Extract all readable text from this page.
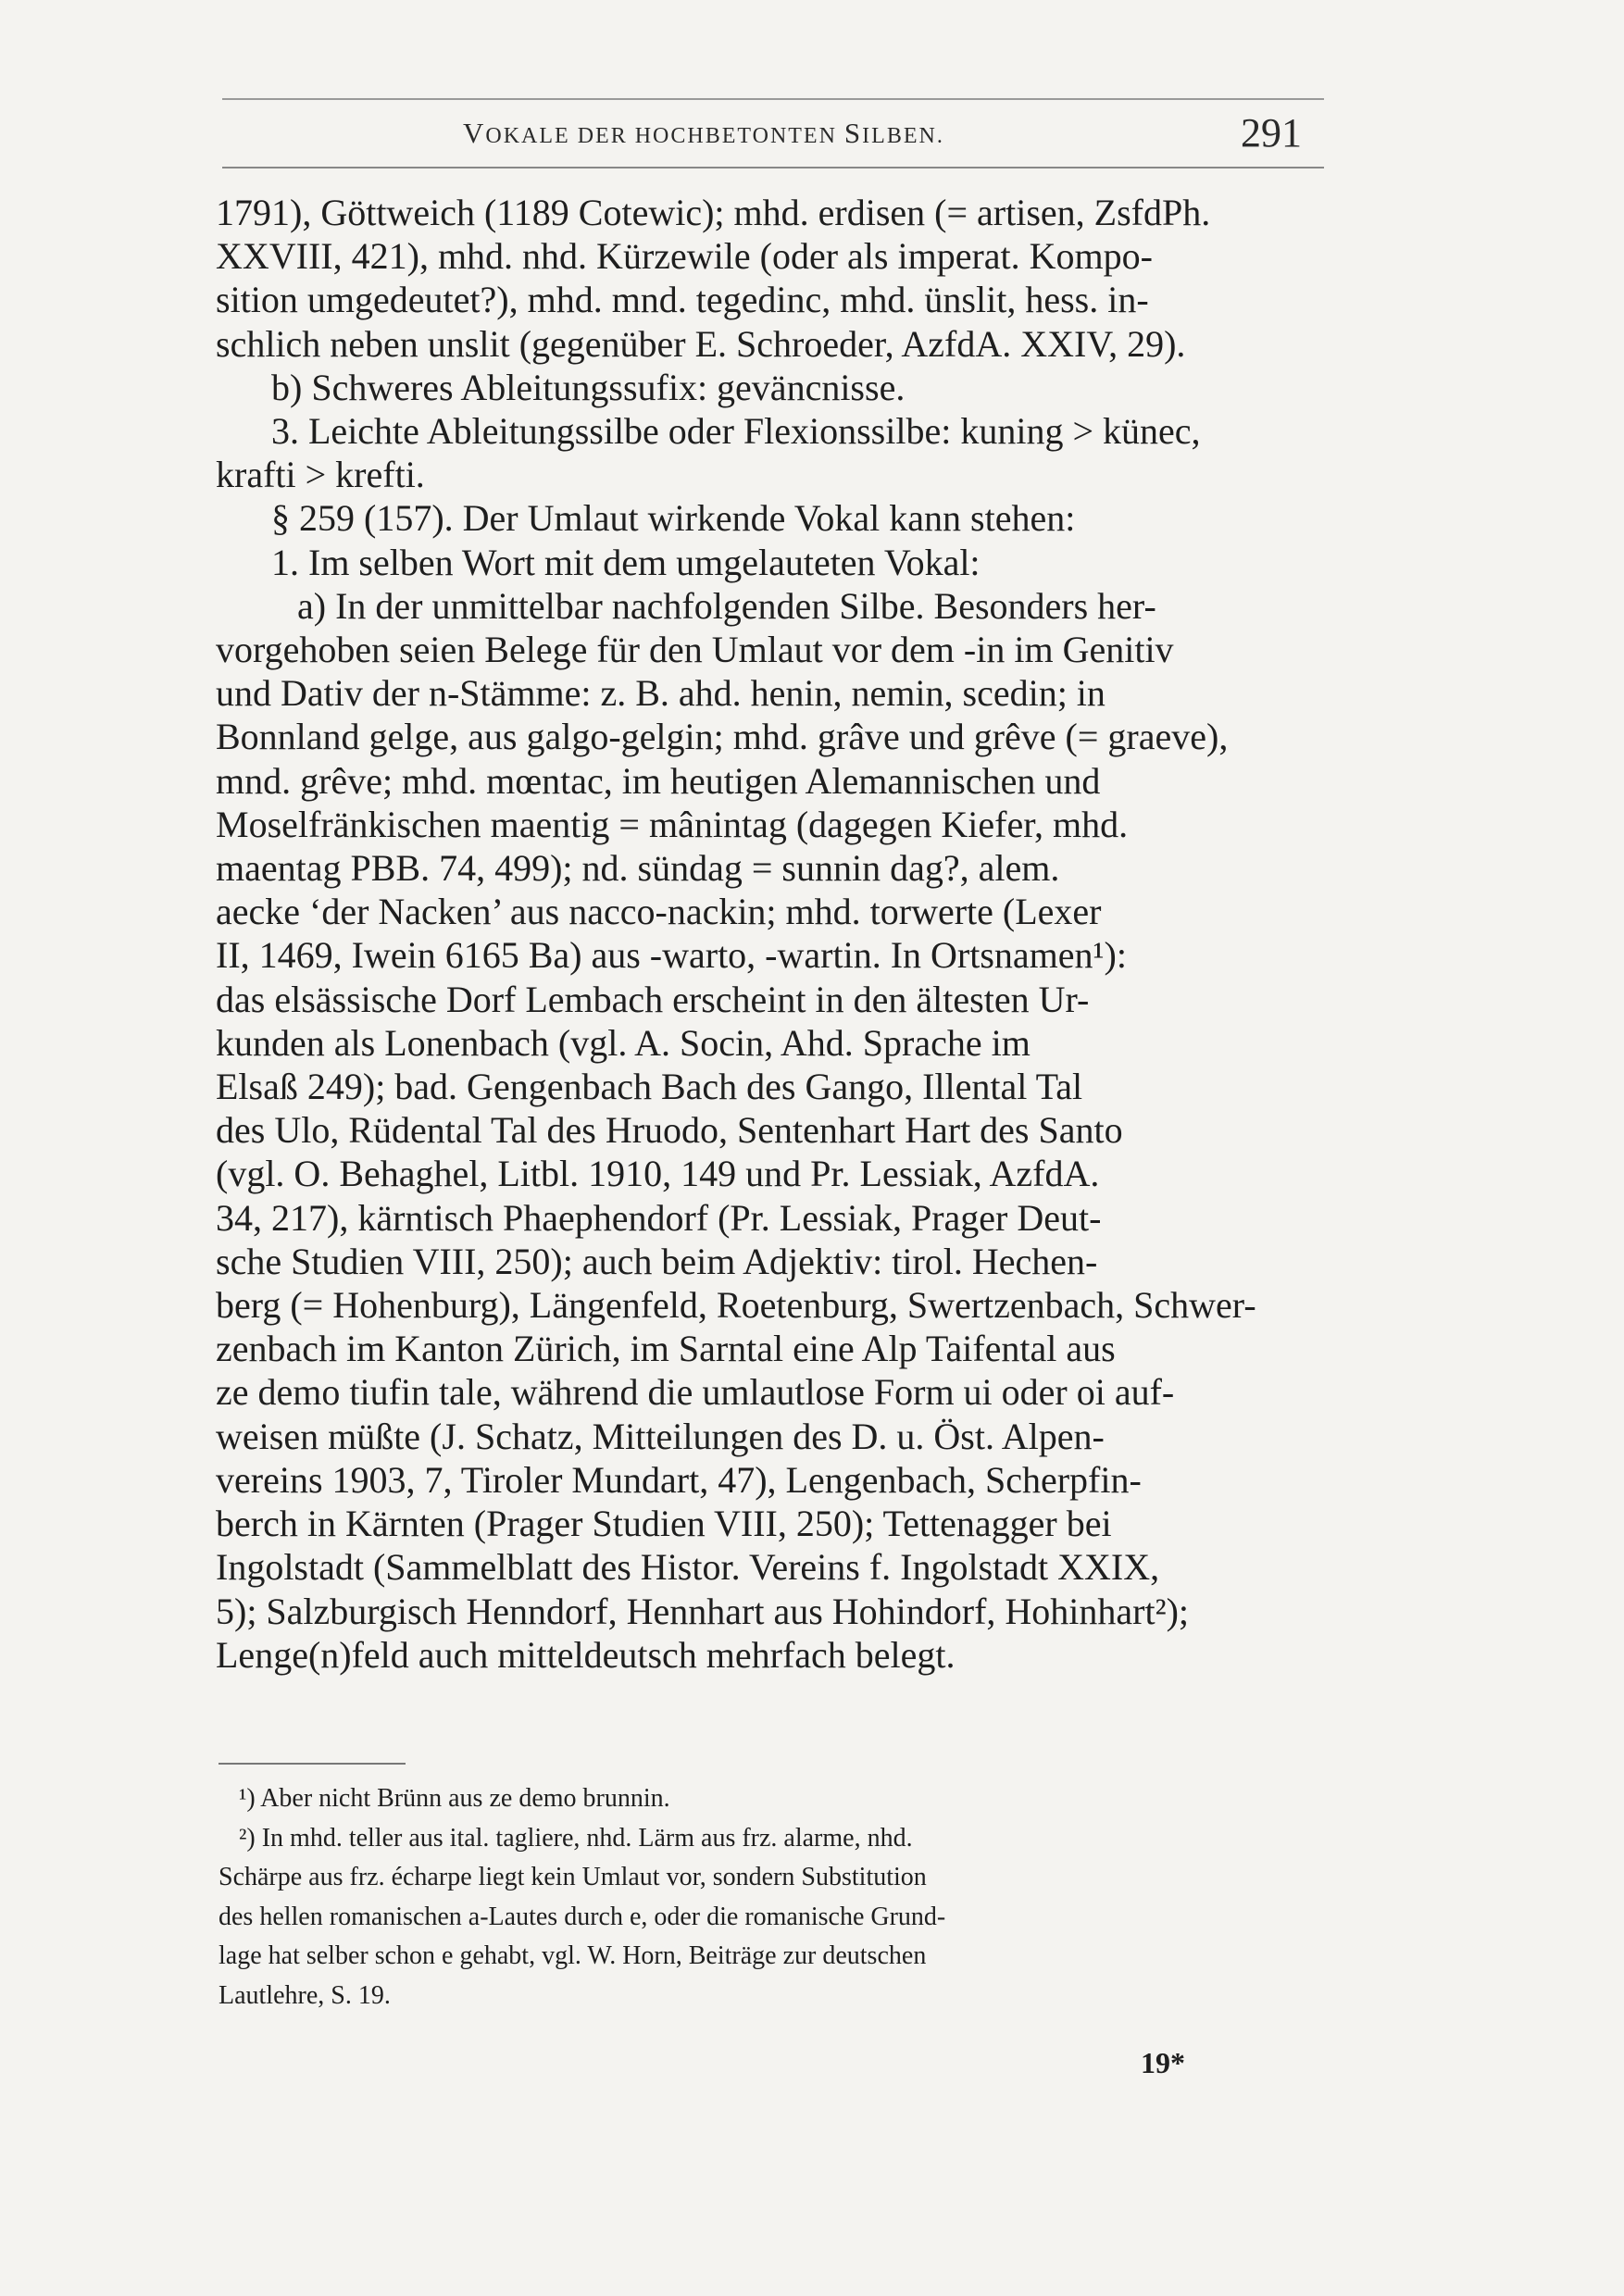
VOKALE DER HOCHBETONTEN SILBEN.	291

1791), Göttweich (1189 Cotewic); mhd. erdisen (= artisen, ZsfdPh.

XXVIII, 421), mhd. nhd. Kürzewile (oder als imperat. Kompo-

sition umgedeutet?), mhd. mnd. tegedinc, mhd. ünslit, hess. in-

schlich neben unslit (gegenüber E. Schroeder, AzfdA. XXIV, 29).

b) Schweres Ableitungssufix: geväncnisse.

3. Leichte Ableitungssilbe oder Flexionssilbe: kuning > künec,

krafti > krefti.

§ 259 (157). Der Umlaut wirkende Vokal kann stehen:

1. Im selben Wort mit dem umgelauteten Vokal:

a) In der unmittelbar nachfolgenden Silbe. Besonders her-

vorgehoben seien Belege für den Umlaut vor dem -in im Genitiv

und Dativ der n-Stämme: z. B. ahd. henin, nemin, scedin; in

Bonnland gelge, aus galgo-gelgin; mhd. grâve und grêve (= graeve),

mnd. grêve; mhd. mœntac, im heutigen Alemannischen und

Moselfränkischen maentig = mânintag (dagegen Kiefer, mhd.

maentag PBB. 74, 499); nd. sündag = sunnin dag?, alem.

aecke ‘der Nacken’ aus nacco-nackin; mhd. torwerte (Lexer

II, 1469, Iwein 6165 Ba) aus -warto, -wartin. In Ortsnamen¹):

das elsässische Dorf Lembach erscheint in den ältesten Ur-

kunden als Lonenbach (vgl. A. Socin, Ahd. Sprache im

Elsaß 249); bad. Gengenbach Bach des Gango, Illental Tal

des Ulo, Rüdental Tal des Hruodo, Sentenhart Hart des Santo

(vgl. O. Behaghel, Litbl. 1910, 149 und Pr. Lessiak, AzfdA.

34, 217), kärntisch Phaephendorf (Pr. Lessiak, Prager Deut-

sche Studien VIII, 250); auch beim Adjektiv: tirol. Hechen-

berg (= Hohenburg), Längenfeld, Roetenburg, Swertzenbach, Schwer-

zenbach im Kanton Zürich, im Sarntal eine Alp Taifental aus

ze demo tiufin tale, während die umlautlose Form ui oder oi auf-

weisen müßte (J. Schatz, Mitteilungen des D. u. Öst. Alpen-

vereins 1903, 7, Tiroler Mundart, 47), Lengenbach, Scherpfin-

berch in Kärnten (Prager Studien VIII, 250); Tettenagger bei

Ingolstadt (Sammelblatt des Histor. Vereins f. Ingolstadt XXIX,

5); Salzburgisch Henndorf, Hennhart aus Hohindorf, Hohinhart²);

Lenge(n)feld auch mitteldeutsch mehrfach belegt.

¹) Aber nicht Brünn aus ze demo brunnin.

²) In mhd. teller aus ital. tagliere, nhd. Lärm aus frz. alarme, nhd.

Schärpe aus frz. écharpe liegt kein Umlaut vor, sondern Substitution

des hellen romanischen a-Lautes durch e, oder die romanische Grund-

lage hat selber schon e gehabt, vgl. W. Horn, Beiträge zur deutschen

Lautlehre, S. 19.

19*
